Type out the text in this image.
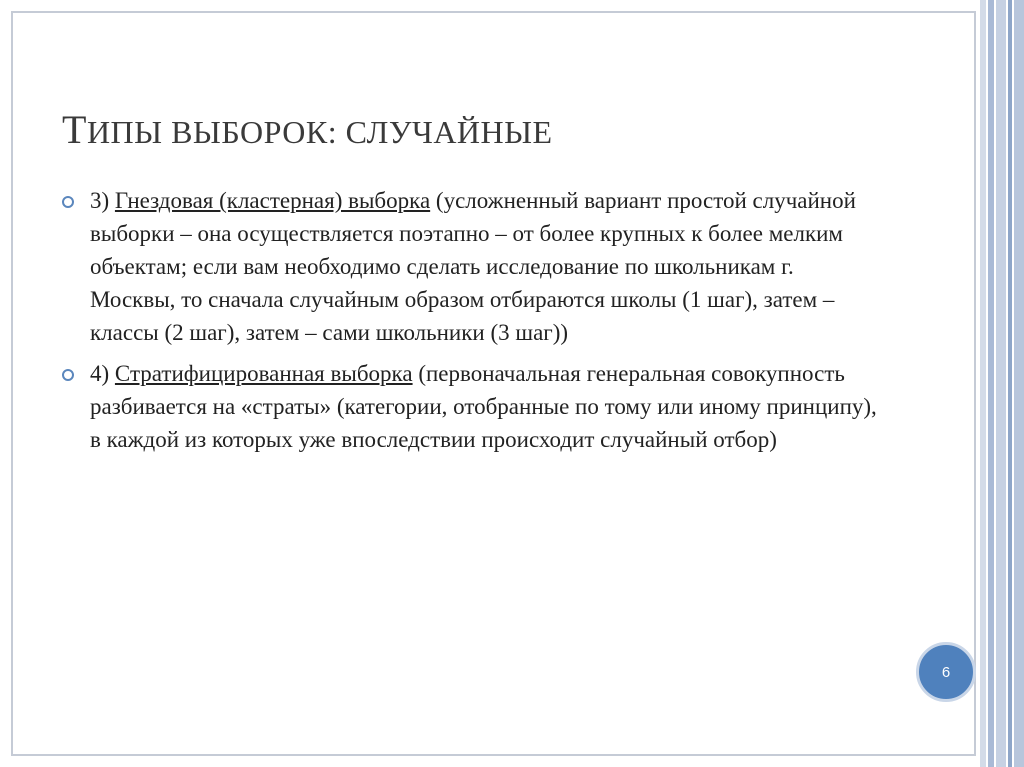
ТИПЫ ВЫБОРОК: СЛУЧАЙНЫЕ
3) Гнездовая (кластерная) выборка (усложненный вариант простой случайной выборки – она осуществляется поэтапно – от более крупных к более мелким объектам; если вам необходимо сделать исследование по школьникам г. Москвы, то сначала случайным образом отбираются школы (1 шаг), затем – классы (2 шаг), затем – сами школьники (3 шаг))
4) Стратифицированная выборка (первоначальная генеральная совокупность разбивается на «страты» (категории, отобранные по тому или иному принципу), в каждой из которых уже впоследствии происходит случайный отбор)
6
